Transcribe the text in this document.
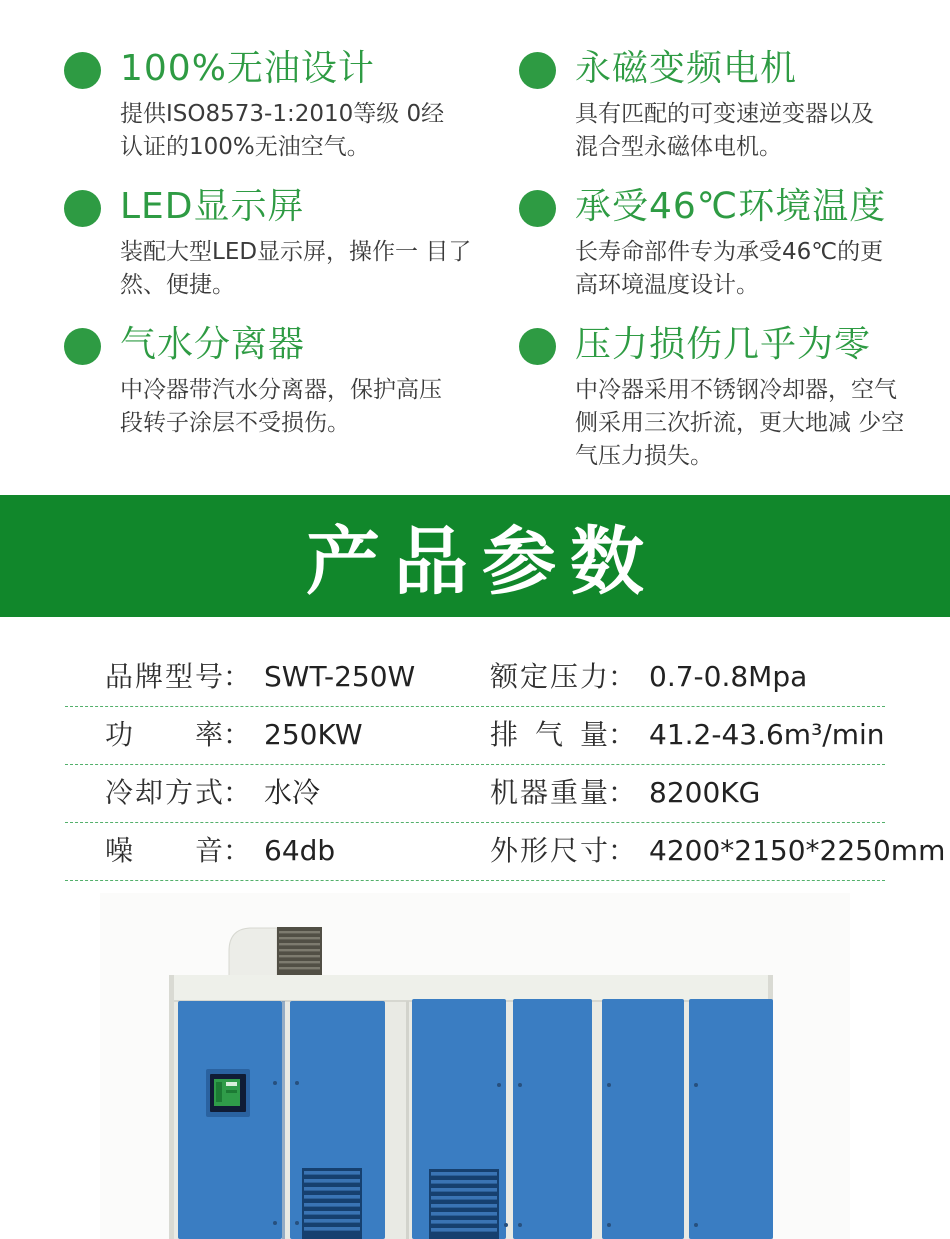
100%无油设计
提供ISO8573-1:2010等级 0经
认证的100%无油空气。
永磁变频电机
具有匹配的可变速逆变器以及
混合型永磁体电机。
LED显示屏
装配大型LED显示屏，操作一 目了
然、便捷。
承受46℃环境温度
长寿命部件专为承受46℃的更
高环境温度设计。
气水分离器
中冷器带汽水分离器，保护高压
段转子涂层不受损伤。
压力损伤几乎为零
中冷器采用不锈钢冷却器，空气
侧采用三次折流，更大地减 少空
气压力损失。
产品参数
品牌型号： SWT-250W	额定压力： 0.7-0.8Mpa
功率： 250KW	排气量： 41.2-43.6m³/min
冷却方式： 水冷	机器重量： 8200KG
噪音： 64db	外形尺寸： 4200*2150*2250mm
